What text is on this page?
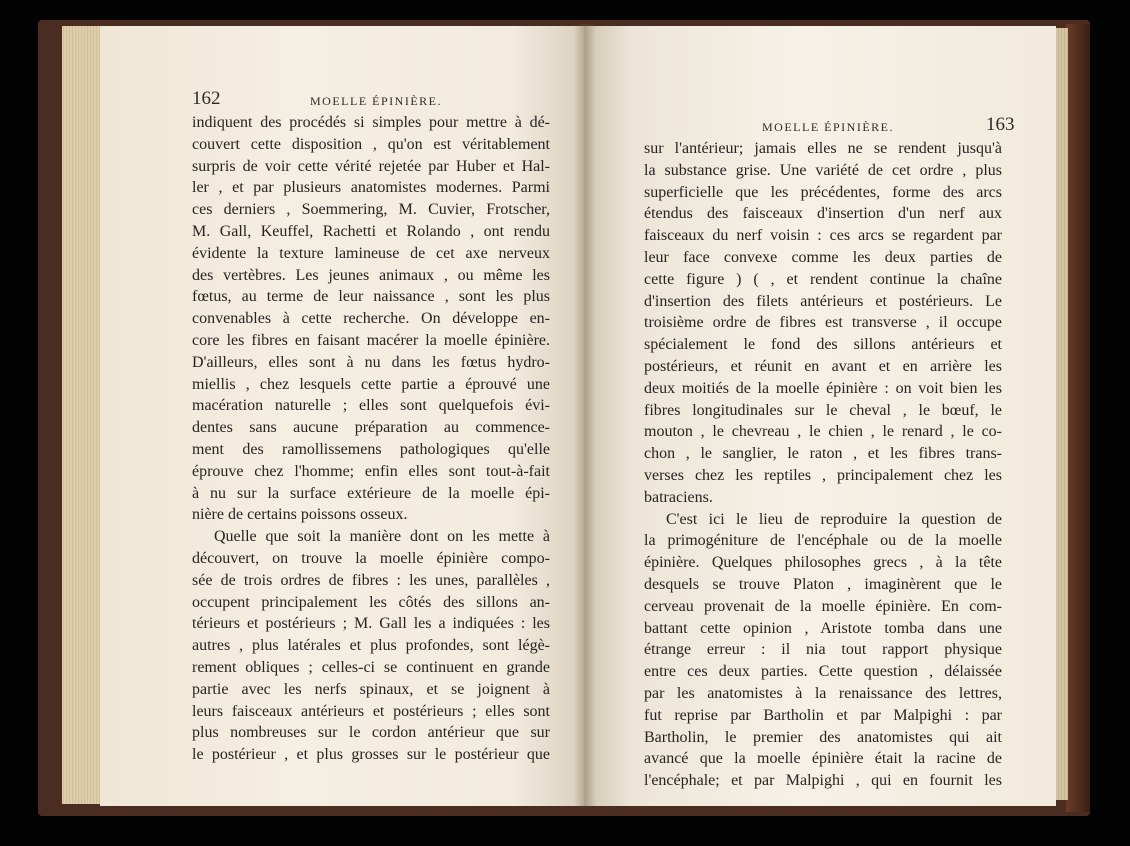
162	MOELLE ÉPINIÈRE.
indiquent des procédés si simples pour mettre à dé-
couvert cette disposition , qu'on est véritablement
surpris de voir cette vérité rejetée par Huber et Hal-
ler , et par plusieurs anatomistes modernes. Parmi
ces derniers , Soemmering, M. Cuvier, Frotscher,
M. Gall, Keuffel, Rachetti et Rolando , ont rendu
évidente la texture lamineuse de cet axe nerveux
des vertèbres. Les jeunes animaux , ou même les
fœtus, au terme de leur naissance , sont les plus
convenables à cette recherche. On développe en-
core les fibres en faisant macérer la moelle épinière.
D'ailleurs, elles sont à nu dans les fœtus hydro-
miellis , chez lesquels cette partie a éprouvé une
macération naturelle ; elles sont quelquefois évi-
dentes sans aucune préparation au commence-
ment des ramollissemens pathologiques qu'elle
éprouve chez l'homme; enfin elles sont tout-à-fait
à nu sur la surface extérieure de la moelle épi-
nière de certains poissons osseux.
Quelle que soit la manière dont on les mette à
découvert, on trouve la moelle épinière compo-
sée de trois ordres de fibres : les unes, parallèles ,
occupent principalement les côtés des sillons an-
térieurs et postérieurs ; M. Gall les a indiquées : les
autres , plus latérales et plus profondes, sont légè-
rement obliques ; celles-ci se continuent en grande
partie avec les nerfs spinaux, et se joignent à
leurs faisceaux antérieurs et postérieurs ; elles sont
plus nombreuses sur le cordon antérieur que sur
le postérieur , et plus grosses sur le postérieur que
MOELLE ÉPINIÈRE.	163
sur l'antérieur; jamais elles ne se rendent jusqu'à
la substance grise. Une variété de cet ordre , plus
superficielle que les précédentes, forme des arcs
étendus des faisceaux d'insertion d'un nerf aux
faisceaux du nerf voisin : ces arcs se regardent par
leur face convexe comme les deux parties de
cette figure ) ( , et rendent continue la chaîne
d'insertion des filets antérieurs et postérieurs. Le
troisième ordre de fibres est transverse , il occupe
spécialement le fond des sillons antérieurs et
postérieurs, et réunit en avant et en arrière les
deux moitiés de la moelle épinière : on voit bien les
fibres longitudinales sur le cheval , le bœuf, le
mouton , le chevreau , le chien , le renard , le co-
chon , le sanglier, le raton , et les fibres trans-
verses chez les reptiles , principalement chez les
batraciens.
C'est ici le lieu de reproduire la question de
la primogéniture de l'encéphale ou de la moelle
épinière. Quelques philosophes grecs , à la tête
desquels se trouve Platon , imaginèrent que le
cerveau provenait de la moelle épinière. En com-
battant cette opinion , Aristote tomba dans une
étrange erreur : il nia tout rapport physique
entre ces deux parties. Cette question , délaissée
par les anatomistes à la renaissance des lettres,
fut reprise par Bartholin et par Malpighi : par
Bartholin, le premier des anatomistes qui ait
avancé que la moelle épinière était la racine de
l'encéphale; et par Malpighi , qui en fournit les
